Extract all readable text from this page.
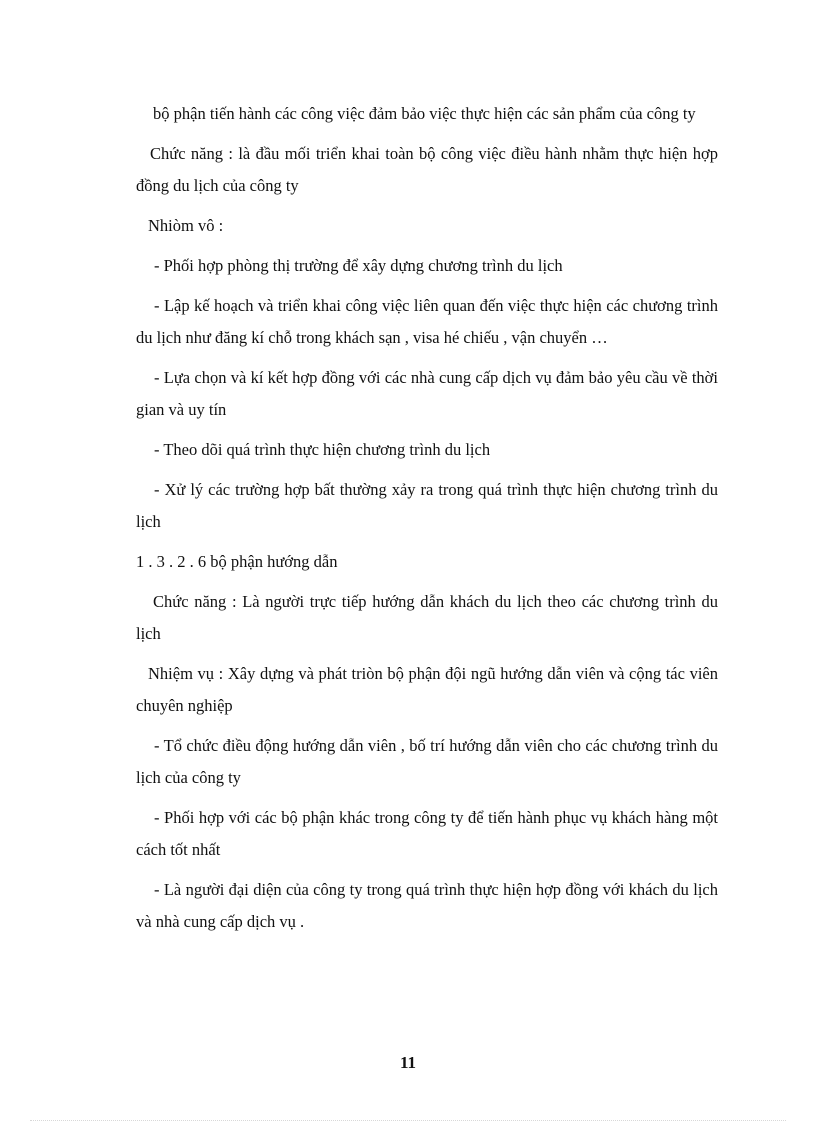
bộ phận tiến hành các công việc đảm bảo việc thực hiện các sản phẩm của công ty

Chức năng : là đầu mối triển khai toàn bộ công việc điều hành nhằm thực hiện hợp đồng du lịch của công ty

Nhiòm vô :

- Phối hợp phòng thị trường để xây dựng chương trình du lịch

- Lập kế hoạch và triển khai công việc liên quan đến việc thực hiện các chương trình du lịch như đăng kí chỗ trong khách sạn , visa hé chiếu , vận chuyển …

- Lựa chọn và kí kết hợp đồng với các nhà cung cấp dịch vụ đảm bảo yêu cầu về thời gian và uy tín

- Theo dõi quá trình thực hiện chương trình du lịch

- Xử lý các trường hợp bất thường xảy ra trong quá trình thực hiện chương trình du lịch

1 . 3 . 2 . 6 bộ phận hướng dẫn

Chức năng : Là người trực tiếp hướng dẫn khách du lịch theo các chương trình du lịch

Nhiệm vụ : Xây dựng và phát triòn bộ phận đội ngũ hướng dẫn viên và cộng tác viên chuyên nghiệp

- Tổ chức điều động hướng dẫn viên , bố trí hướng dẫn viên cho các chương trình du lịch của công ty

- Phối hợp với các bộ phận khác trong công ty để tiến hành phục vụ khách hàng một cách tốt nhất

- Là người đại diện của công ty trong quá trình thực hiện hợp đồng với khách du lịch và nhà cung cấp dịch vụ .

11
